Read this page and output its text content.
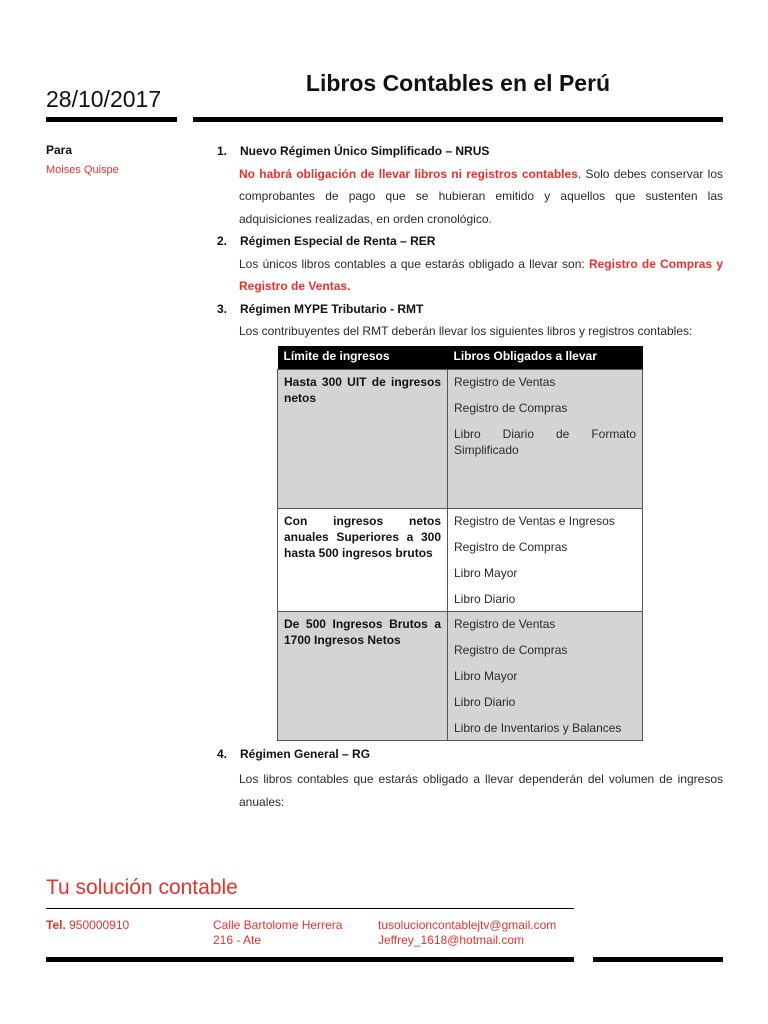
28/10/2017
Libros Contables en el Perú
Para
Moises Quispe
1.	Nuevo Régimen Único Simplificado – NRUS
No habrá obligación de llevar libros ni registros contables. Solo debes conservar los comprobantes de pago que se hubieran emitido y aquellos que sustenten las adquisiciones realizadas, en orden cronológico.
2.	Régimen Especial de Renta – RER
Los únicos libros contables a que estarás obligado a llevar son: Registro de Compras y Registro de Ventas.
3.	Régimen MYPE Tributario - RMT
Los contribuyentes del RMT deberán llevar los siguientes libros y registros contables:
Límite de ingresos	Libros Obligados a llevar
Hasta 300 UIT de ingresos netos	Registro de Ventas
Registro de Compras
Libro Diario de Formato Simplificado

Con ingresos netos anuales Superiores a 300 hasta 500 ingresos brutos	Registro de Ventas e Ingresos
Registro de Compras
Libro Mayor
Libro Diario

De 500 Ingresos Brutos a 1700 Ingresos Netos	Registro de Ventas
Registro de Compras
Libro Mayor
Libro Diario
Libro de Inventarios y Balances
4.	Régimen General – RG
Los libros contables que estarás obligado a llevar dependerán del volumen de ingresos anuales:
Tu solución contable
Tel. 950000910	Calle Bartolome Herrera
216 - Ate
tusolucioncontablejtv@gmail.com
Jeffrey_1618@hotmail.com
